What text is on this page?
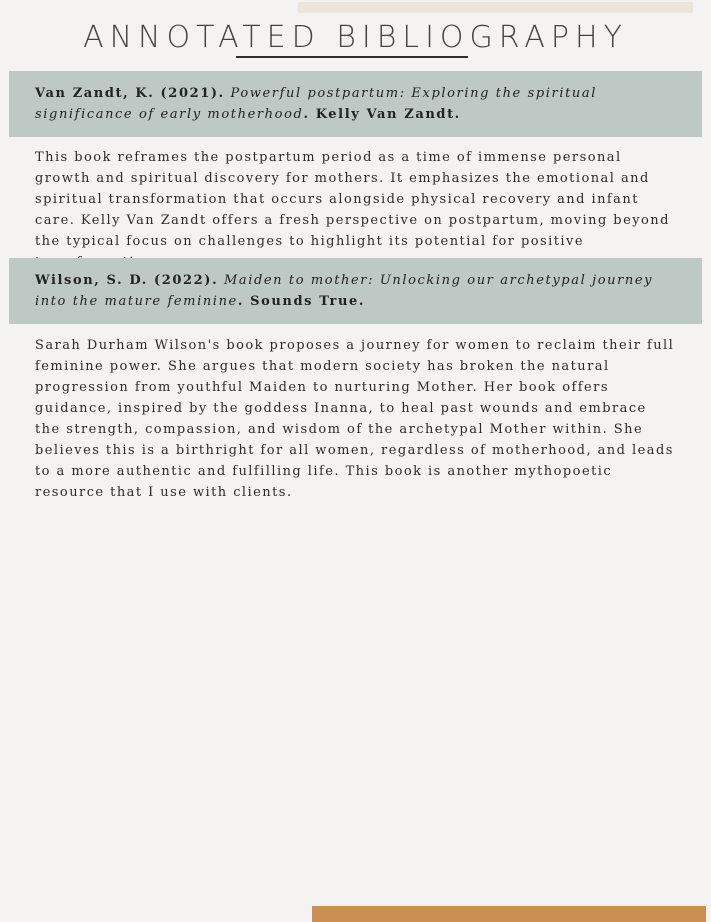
ANNOTATED BIBLIOGRAPHY
Van Zandt, K. (2021). Powerful postpartum: Exploring the spiritual significance of early motherhood. Kelly Van Zandt.

This book reframes the postpartum period as a time of immense personal growth and spiritual discovery for mothers. It emphasizes the emotional and spiritual transformation that occurs alongside physical recovery and infant care. Kelly Van Zandt offers a fresh perspective on postpartum, moving beyond the typical focus on challenges to highlight its potential for positive

Wilson, S. D. (2022). Maiden to mother: Unlocking our archetypal journey into the mature feminine. Sounds True.

Sarah Durham Wilson's book proposes a journey for women to reclaim their full feminine power. She argues that modern society has broken the natural progression from youthful Maiden to nurturing Mother. Her book offers guidance, inspired by the goddess Inanna, to heal past wounds and embrace the strength, compassion, and wisdom of the archetypal Mother within. She believes this is a birthright for all women, regardless of motherhood, and leads to a more authentic and fulfilling life. This book is another mythopoetic resource that I use with clients.
